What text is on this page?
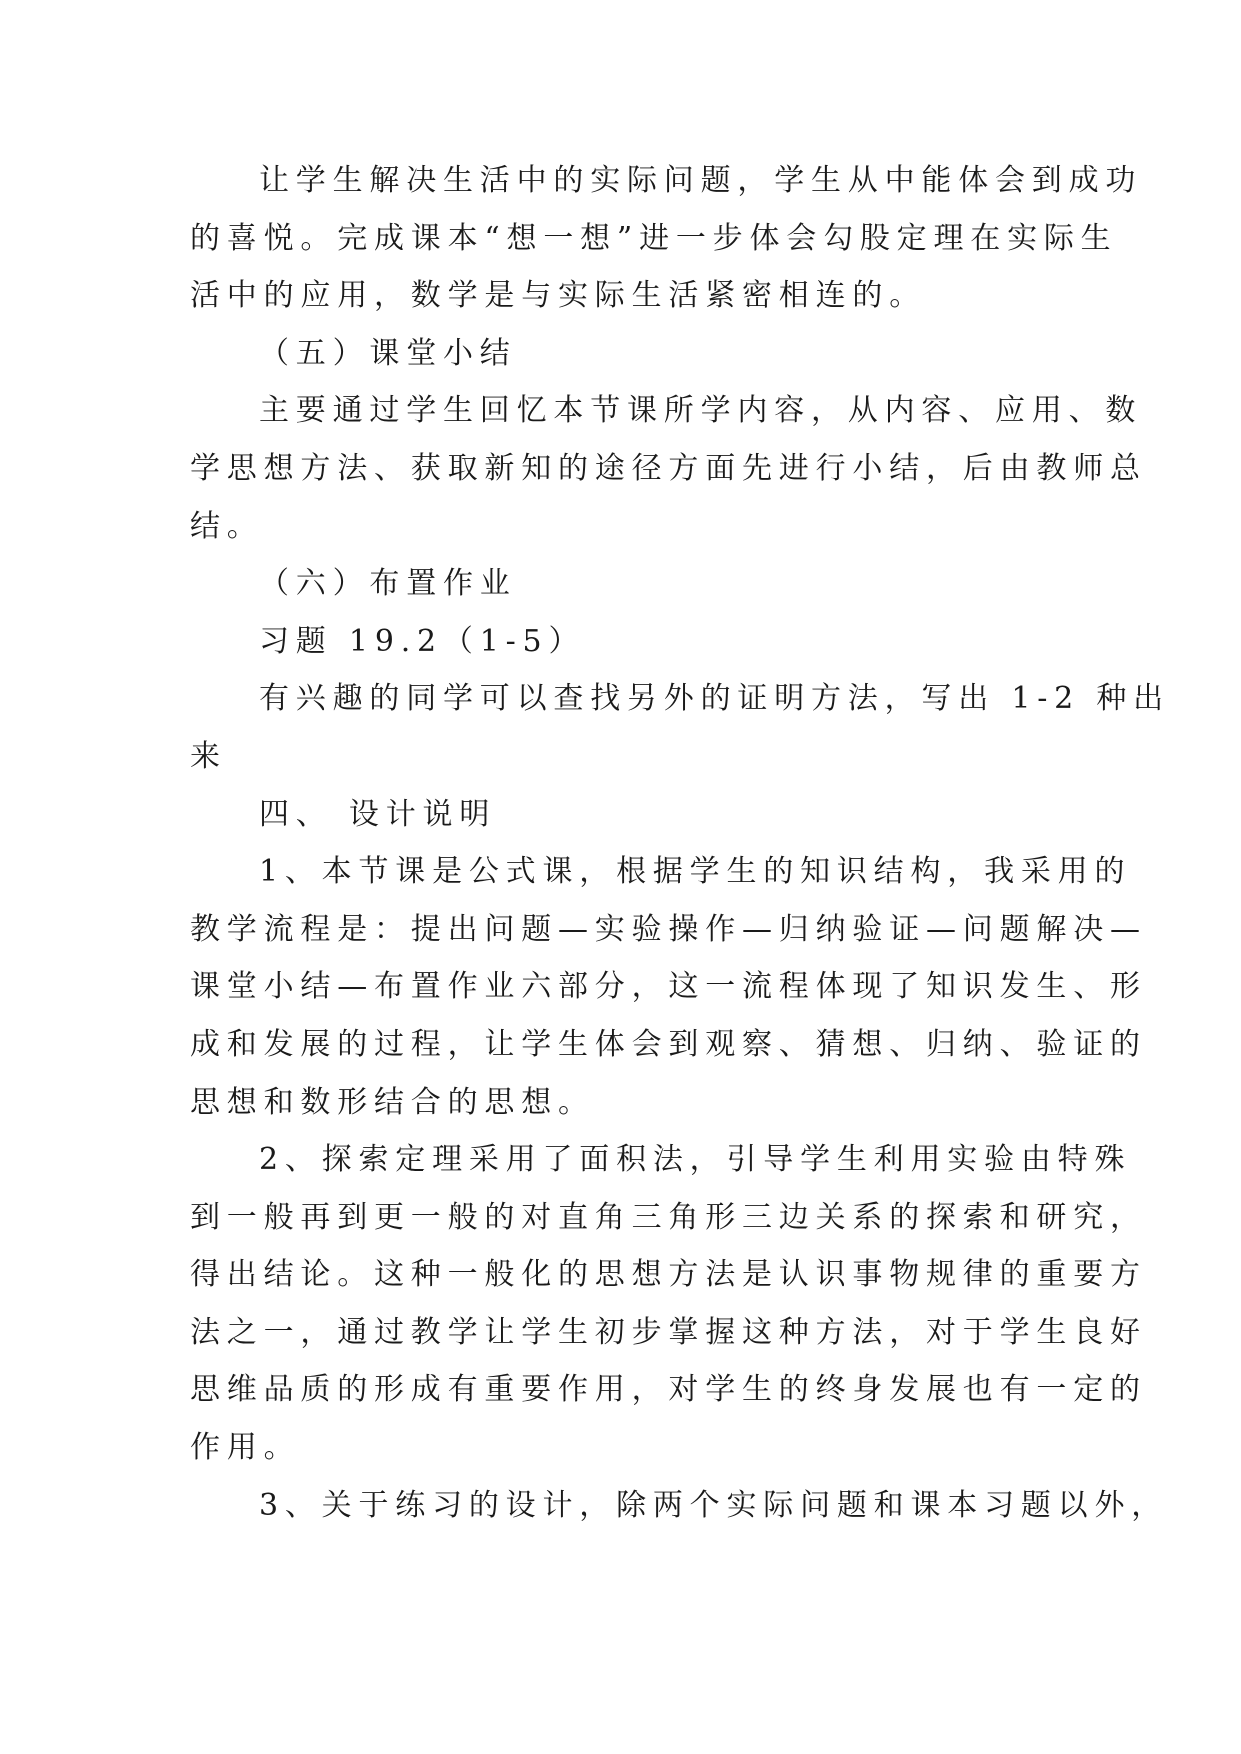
让学生解决生活中的实际问题，学生从中能体会到成功
的喜悦。完成课本“想一想”进一步体会勾股定理在实际生
活中的应用，数学是与实际生活紧密相连的。
（五）课堂小结
主要通过学生回忆本节课所学内容，从内容、应用、数
学思想方法、获取新知的途径方面先进行小结，后由教师总
结。
（六）布置作业
习题 19.2（1-5）
有兴趣的同学可以查找另外的证明方法，写出 1-2 种出
来
四、 设计说明
1、本节课是公式课，根据学生的知识结构，我采用的
教学流程是：提出问题—实验操作—归纳验证—问题解决—
课堂小结—布置作业六部分，这一流程体现了知识发生、形
成和发展的过程，让学生体会到观察、猜想、归纳、验证的
思想和数形结合的思想。
2、探索定理采用了面积法，引导学生利用实验由特殊
到一般再到更一般的对直角三角形三边关系的探索和研究，
得出结论。这种一般化的思想方法是认识事物规律的重要方
法之一，通过教学让学生初步掌握这种方法，对于学生良好
思维品质的形成有重要作用，对学生的终身发展也有一定的
作用。
3、关于练习的设计，除两个实际问题和课本习题以外，
